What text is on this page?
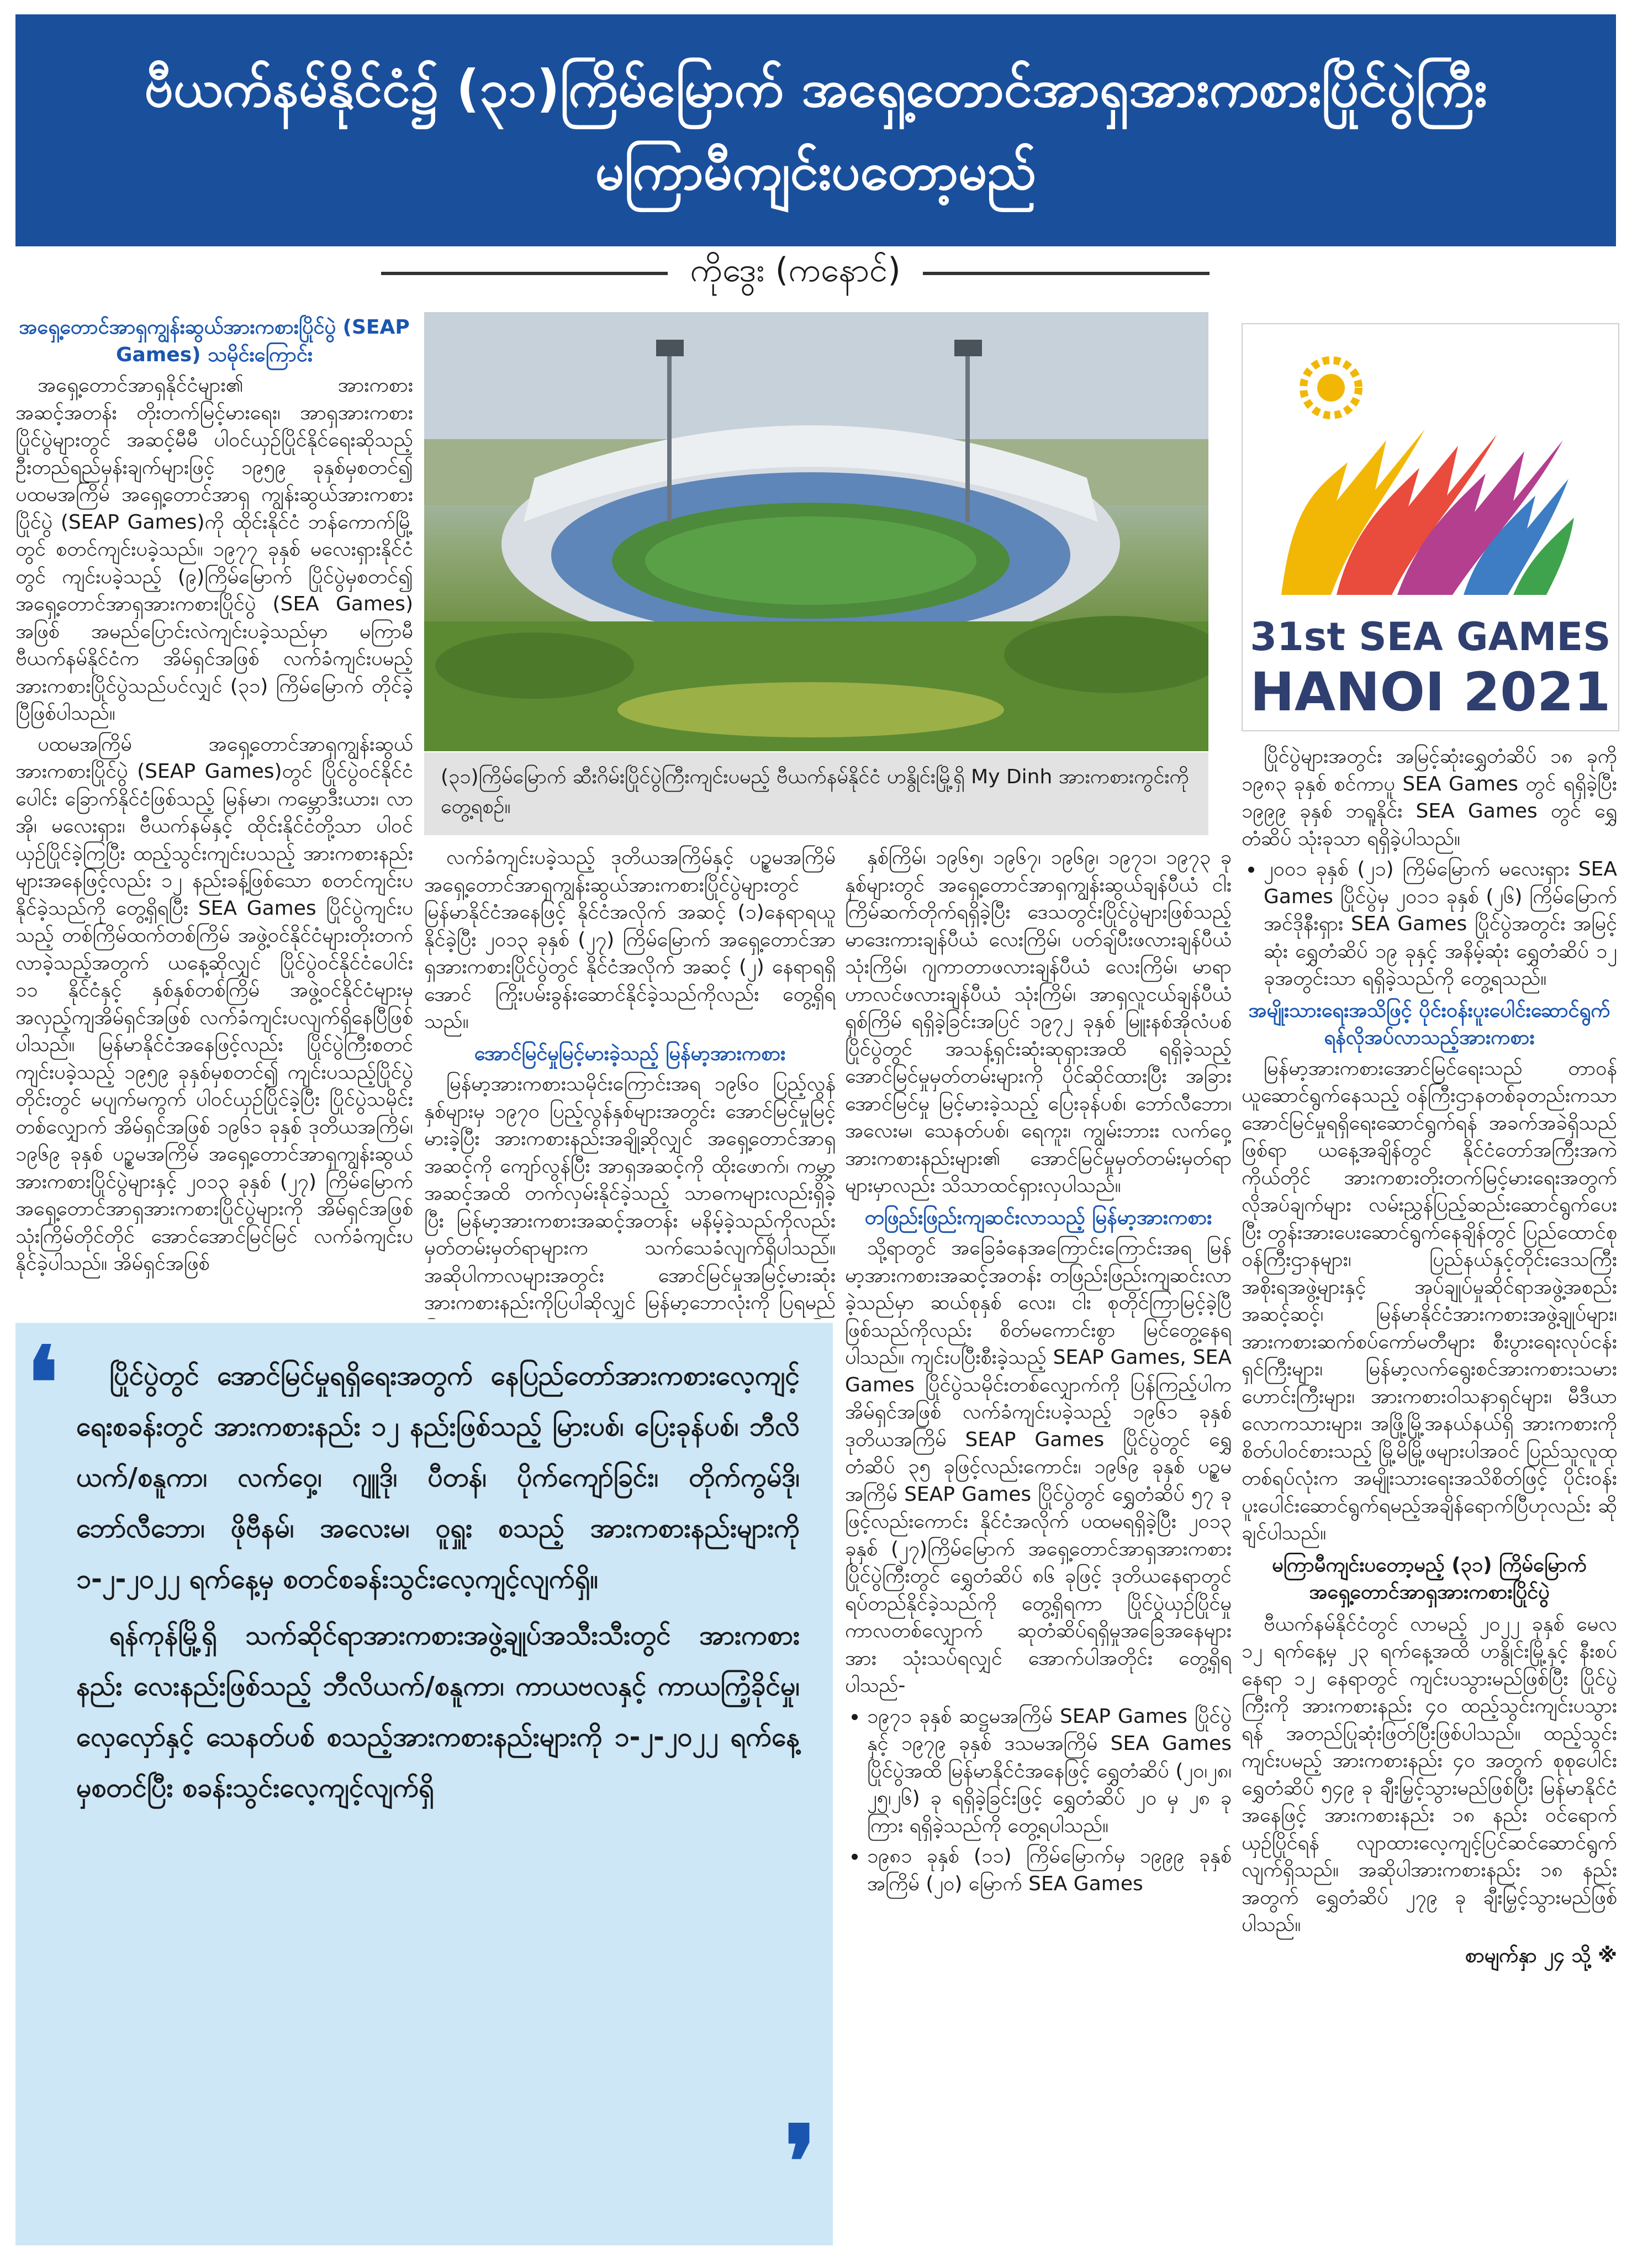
ဗီယက်နမ်နိုင်ငံ၌ (၃၁)ကြိမ်မြောက် အရှေ့တောင်အာရှအားကစားပြိုင်ပွဲကြီး
မကြာမီကျင်းပတော့မည်
ကိုဒွေး (ကနောင်)

အရှေ့တောင်အာရှကျွန်းဆွယ်အားကစားပြိုင်ပွဲ (SEAP Games) သမိုင်းကြောင်း

အရှေ့တောင်အာရှနိုင်ငံများ၏ အားကစားအဆင့်အတန်း တိုးတက်မြင့်မားရေး၊ အာရှအားကစားပြိုင်ပွဲများတွင် အဆင့်မီမီ ပါဝင်ယှဉ်ပြိုင်နိုင်ရေးဆိုသည့် ဦးတည်ရည်မှန်းချက်များဖြင့် ၁၉၅၉ ခုနှစ်မှစတင်၍ ပထမအကြိမ် အရှေ့တောင်အာရှ ကျွန်းဆွယ်အားကစားပြိုင်ပွဲ (SEAP Games)ကို ထိုင်းနိုင်ငံ ဘန်ကောက်မြို့တွင် စတင်ကျင်းပခဲ့သည်။ ၁၉၇၇ ခုနှစ် မလေးရှားနိုင်ငံတွင် ကျင်းပခဲ့သည့် (၉)ကြိမ်မြောက် ပြိုင်ပွဲမှစတင်၍ အရှေ့တောင်အာရှအားကစားပြိုင်ပွဲ (SEA Games) အဖြစ် အမည်ပြောင်းလဲကျင်းပခဲ့သည်မှာ မကြာမီ ဗီယက်နမ်နိုင်ငံက အိမ်ရှင်အဖြစ် လက်ခံကျင်းပမည့် အားကစားပြိုင်ပွဲသည်ပင်လျှင် (၃၁) ကြိမ်မြောက် တိုင်ခဲ့ပြီဖြစ်ပါသည်။

ပထမအကြိမ် အရှေ့တောင်အာရှကျွန်းဆွယ်အားကစားပြိုင်ပွဲ (SEAP Games)တွင် ပြိုင်ပွဲဝင်နိုင်ငံပေါင်း ခြောက်နိုင်ငံဖြစ်သည့် မြန်မာ၊ ကမ္ဘောဒီးယား၊ လာအို၊ မလေးရှား၊ ဗီယက်နမ်နှင့် ထိုင်းနိုင်ငံတို့သာ ပါဝင်ယှဉ်ပြိုင်ခဲ့ကြပြီး ထည့်သွင်းကျင်းပသည့် အားကစားနည်းများအနေဖြင့်လည်း ၁၂ နည်းခန့်ဖြစ်သော စတင်ကျင်းပနိုင်ခဲ့သည်ကို တွေ့ရှိရပြီး SEA Games ပြိုင်ပွဲကျင်းပသည့် တစ်ကြိမ်ထက်တစ်ကြိမ် အဖွဲ့ဝင်နိုင်ငံများတိုးတက်လာခဲ့သည့်အတွက် ယနေ့ဆိုလျှင် ပြိုင်ပွဲဝင်နိုင်ငံပေါင်း ၁၁ နိုင်ငံနှင့် နှစ်နှစ်တစ်ကြိမ် အဖွဲ့ဝင်နိုင်ငံများမှ အလှည့်ကျအိမ်ရှင်အဖြစ် လက်ခံကျင်းပလျက်ရှိနေပြီဖြစ်ပါသည်။ မြန်မာနိုင်ငံအနေဖြင့်လည်း ပြိုင်ပွဲကြီးစတင်ကျင်းပခဲ့သည့် ၁၉၅၉ ခုနှစ်မှစတင်၍ ကျင်းပသည့်ပြိုင်ပွဲတိုင်းတွင် မပျက်မကွက် ပါဝင်ယှဉ်ပြိုင်ခဲ့ပြီး ပြိုင်ပွဲသမိုင်းတစ်လျှောက် အိမ်ရှင်အဖြစ် ၁၉၆၁ ခုနှစ် ဒုတိယအကြိမ်၊ ၁၉၆၉ ခုနှစ် ပဉ္စမအကြိမ် အရှေ့တောင်အာရှကျွန်းဆွယ်အားကစားပြိုင်ပွဲများနှင့် ၂၀၁၃ ခုနှစ် (၂၇) ကြိမ်မြောက် အရှေ့တောင်အာရှအားကစားပြိုင်ပွဲများကို အိမ်ရှင်အဖြစ် သုံးကြိမ်တိုင်တိုင် အောင်အောင်မြင်မြင် လက်ခံကျင်းပနိုင်ခဲ့ပါသည်။ အိမ်ရှင်အဖြစ်

(၃၁)ကြိမ်မြောက် ဆီးဂိမ်းပြိုင်ပွဲကြီးကျင်းပမည့် ဗီယက်နမ်နိုင်ငံ ဟနွိုင်းမြို့ရှိ My Dinh အားကစားကွင်းကို တွေ့ရစဉ်။
31st SEA GAMES
HANOI 2021

လက်ခံကျင်းပခဲ့သည့် ဒုတိယအကြိမ်နှင့် ပဉ္စမအကြိမ် အရှေ့တောင်အာရှကျွန်းဆွယ်အားကစားပြိုင်ပွဲများတွင် မြန်မာနိုင်ငံအနေဖြင့် နိုင်ငံအလိုက် အဆင့် (၁)နေရာရယူနိုင်ခဲ့ပြီး ၂၀၁၃ ခုနှစ် (၂၇) ကြိမ်မြောက် အရှေ့တောင်အာရှအားကစားပြိုင်ပွဲတွင် နိုင်ငံအလိုက် အဆင့် (၂) နေရာရရှိအောင် ကြိုးပမ်းခွန်းဆောင်နိုင်ခဲ့သည်ကိုလည်း တွေ့ရှိရသည်။

အောင်မြင်မှုမြင့်မားခဲ့သည့် မြန်မာ့အားကစား

မြန်မာ့အားကစားသမိုင်းကြောင်းအရ ၁၉၆၀ ပြည့်လွန်နှစ်များမှ ၁၉၇၀ ပြည့်လွန်နှစ်များအတွင်း အောင်မြင်မှုမြင့်မားခဲ့ပြီး အားကစားနည်းအချို့ဆိုလျှင် အရှေ့တောင်အာရှအဆင့်ကို ကျော်လွန်ပြီး အာရှအဆင့်ကို ထိုးဖောက်၊ ကမ္ဘာ့အဆင့်အထိ တက်လှမ်းနိုင်ခဲ့သည့် သာဓကများလည်းရှိခဲ့ပြီး မြန်မာ့အားကစားအဆင့်အတန်း မနိမ့်ခဲ့သည်ကိုလည်း မှတ်တမ်းမှတ်ရာများက သက်သေခံလျက်ရှိပါသည်။ အဆိုပါကာလများအတွင်း အောင်မြင်မှုအမြင့်မားဆုံး အားကစားနည်းကိုပြပါဆိုလျှင် မြန်မာ့ဘောလုံးကို ပြရမည်

နှစ်ကြိမ်၊ ၁၉၆၅၊ ၁၉၆၇၊ ၁၉၆၉၊ ၁၉၇၁၊ ၁၉၇၃ ခုနှစ်များတွင် အရှေ့တောင်အာရှကျွန်းဆွယ်ချန်ပီယံ ငါးကြိမ်ဆက်တိုက်ရရှိခဲ့ပြီး ဒေသတွင်းပြိုင်ပွဲများဖြစ်သည့် မာဒေးကားချန်ပီယံ လေးကြိမ်၊ ပတ်ချ်ပီးဖလားချန်ပီယံ သုံးကြိမ်၊ ဂျကာတာဖလားချန်ပီယံ လေးကြိမ်၊ မာရာဟာလင်ဖလားချန်ပီယံ သုံးကြိမ်၊ အာရှလူငယ်ချန်ပီယံ ရှစ်ကြိမ် ရရှိခဲ့ခြင်းအပြင် ၁၉၇၂ ခုနှစ် မြူးနစ်အိုလံပစ်ပြိုင်ပွဲတွင် အသန့်ရှင်းဆုံးဆုရှားအထိ ရရှိခဲ့သည့် အောင်မြင်မှုမှတ်တမ်းများကို ပိုင်ဆိုင်ထားပြီး အခြားအောင်မြင်မှု မြင့်မားခဲ့သည့် ပြေးခုန်ပစ်၊ ဘော်လီဘော၊ အလေးမ၊ သေနတ်ပစ်၊ ရေကူး၊ ကျွမ်းဘားး လက်ဝှေ့အားကစားနည်းများ၏ အောင်မြင်မှုမှတ်တမ်းမှတ်ရာများမှာလည်း သိသာထင်ရှားလှပါသည်။

တဖြည်းဖြည်းကျဆင်းလာသည့် မြန်မာ့အားကစား

သို့ရာတွင် အခြေခံနေအကြောင်းကြောင်းအရ မြန်မာ့အားကစားအဆင့်အတန်း တဖြည်းဖြည်းကျဆင်းလာခဲ့သည်မှာ ဆယ်စုနှစ် လေး၊ ငါး စုတိုင်ကြာမြင့်ခဲ့ပြီဖြစ်သည်ကိုလည်း စိတ်မကောင်းစွာ မြင်တွေ့နေရပါသည်။ ကျင်းပပြီးစီးခဲ့သည့် SEAP Games, SEA Games ပြိုင်ပွဲသမိုင်းတစ်လျှောက်ကို ပြန်ကြည့်ပါက အိမ်ရှင်အဖြစ် လက်ခံကျင်းပခဲ့သည့် ၁၉၆၁ ခုနှစ် ဒုတိယအကြိမ် SEAP Games ပြိုင်ပွဲတွင် ရွှေတံဆိပ် ၃၅ ခုဖြင့်လည်းကောင်း၊ ၁၉၆၉ ခုနှစ် ပဉ္စမအကြိမ် SEAP Games ပြိုင်ပွဲတွင် ရွှေတံဆိပ် ၅၇ ခုဖြင့်လည်းကောင်း နိုင်ငံအလိုက် ပထမရရှိခဲ့ပြီး ၂၀၁၃ ခုနှစ် (၂၇)ကြိမ်မြောက် အရှေ့တောင်အာရှအားကစားပြိုင်ပွဲကြီးတွင် ရွှေတံဆိပ် ၈၆ ခုဖြင့် ဒုတိယနေရာတွင် ရပ်တည်နိုင်ခဲ့သည်ကို တွေ့ရှိရကာ ပြိုင်ပွဲယှဉ်ပြိုင်မှုကာလတစ်လျှောက် ဆုတံဆိပ်ရရှိမှုအခြေအနေများအား သုံးသပ်ရလျှင် အောက်ပါအတိုင်း တွေ့ရှိရပါသည်-

• ၁၉၇၁ ခုနှစ် ဆဋ္ဌမအကြိမ် SEAP Games ပြိုင်ပွဲနှင့် ၁၉၇၉ ခုနှစ် ဒသမအကြိမ် SEA Games ပြိုင်ပွဲအထိ မြန်မာနိုင်ငံအနေဖြင့် ရွှေတံဆိပ် (၂၀၊၂၈၊၂၅၊၂၆) ခု ရရှိခဲ့ခြင်းဖြင့် ရွှေတံဆိပ် ၂၀ မှ ၂၈ ခုကြား ရရှိခဲ့သည်ကို တွေ့ရပါသည်။
• ၁၉၈၁ ခုနှစ် (၁၁) ကြိမ်မြောက်မှ ၁၉၉၉ ခုနှစ် အကြိမ် (၂၀) မြောက် SEA Games

ပြိုင်ပွဲများအတွင်း အမြင့်ဆုံးရွှေတံဆိပ် ၁၈ ခုကို ၁၉၈၃ ခုနှစ် စင်ကာပူ SEA Games တွင် ရရှိခဲ့ပြီး ၁၉၉၉ ခုနှစ် ဘရူနိုင်း SEA Games တွင် ရွှေတံဆိပ် သုံးခုသာ ရရှိခဲ့ပါသည်။

• ၂၀၀၁ ခုနှစ် (၂၁) ကြိမ်မြောက် မလေးရှား SEA Games ပြိုင်ပွဲမှ ၂၀၁၁ ခုနှစ် (၂၆) ကြိမ်မြောက် အင်ဒိုနီးရှား SEA Games ပြိုင်ပွဲအတွင်း အမြင့်ဆုံး ရွှေတံဆိပ် ၁၉ ခုနှင့် အနိမ့်ဆုံး ရွှေတံဆိပ် ၁၂ ခုအတွင်းသာ ရရှိခဲ့သည်ကို တွေ့ရသည်။

အမျိုးသားရေးအသိဖြင့် ပိုင်းဝန်းပူးပေါင်းဆောင်ရွက်ရန်လိုအပ်လာသည့်အားကစား

မြန်မာ့အားကစားအောင်မြင်ရေးသည် တာဝန်ယူဆောင်ရွက်နေသည့် ဝန်ကြီးဌာနတစ်ခုတည်းကသာ အောင်မြင်မှုရရှိရေးဆောင်ရွက်ရန် အခက်အခဲရှိသည်ဖြစ်ရာ ယနေ့အချိန်တွင် နိုင်ငံတော်အကြီးအကဲကိုယ်တိုင် အားကစားတိုးတက်မြင့်မားရေးအတွက် လိုအပ်ချက်များ လမ်းညွှန်ပြည့်ဆည်းဆောင်ရွက်ပေးပြီး တွန်းအားပေးဆောင်ရွက်နေချိန်တွင် ပြည်ထောင်စုဝန်ကြီးဌာနများ၊ ပြည်နယ်နှင့်တိုင်းဒေသကြီးအစိုးရအဖွဲ့များနှင့် အုပ်ချုပ်မှုဆိုင်ရာအဖွဲ့အစည်းအဆင့်ဆင့်၊ မြန်မာနိုင်ငံအားကစားအဖွဲ့ချုပ်များ၊ အားကစားဆက်စပ်ကော်မတီများ စီးပွားရေးလုပ်ငန်းရှင်ကြီးများ၊ မြန်မာ့လက်ရွေးစင်အားကစားသမားဟောင်းကြီးများ၊ အားကစားဝါသနာရှင်များ၊ မီဒီယာလောကသားများ၊ အဖြို့မြို့အနယ်နယ်ရှိ အားကစားကို စိတ်ပါဝင်စားသည့် မြို့မိမြို့ဖများပါအဝင် ပြည်သူလူထုတစ်ရပ်လုံးက အမျိုးသားရေးအသိစိတ်ဖြင့် ပိုင်းဝန်းပူးပေါင်းဆောင်ရွက်ရမည့်အချိန်ရောက်ပြီဟုလည်း ဆိုချင်ပါသည်။

မကြာမီကျင်းပတော့မည့် (၃၁) ကြိမ်မြောက် အရှေ့တောင်အာရှအားကစားပြိုင်ပွဲ

ဗီယက်နမ်နိုင်ငံတွင် လာမည့် ၂၀၂၂ ခုနှစ် မေလ ၁၂ ရက်နေ့မှ ၂၃ ရက်နေ့အထိ ဟနွိုင်းမြို့နှင့် နီးစပ်နေရာ ၁၂ နေရာတွင် ကျင်းပသွားမည်ဖြစ်ပြီး ပြိုင်ပွဲကြီးကို အားကစားနည်း ၄၀ ထည့်သွင်းကျင်းပသွားရန် အတည်ပြုဆုံးဖြတ်ပြီးဖြစ်ပါသည်။ ထည့်သွင်းကျင်းပမည့် အားကစားနည်း ၄၀ အတွက် စုစုပေါင်း ရွှေတံဆိပ် ၅၄၉ ခု ချီးမြှင့်သွားမည်ဖြစ်ပြီး မြန်မာနိုင်ငံအနေဖြင့် အားကစားနည်း ၁၈ နည်း ဝင်ရောက်ယှဉ်ပြိုင်ရန် လျာထားလေ့ကျင့်ပြင်ဆင်ဆောင်ရွက်လျက်ရှိသည်။ အဆိုပါအားကစားနည်း ၁၈ နည်းအတွက် ရွှေတံဆိပ် ၂၇၉ ခု ချီးမြှင့်သွားမည်ဖြစ်ပါသည်။

စာမျက်နှာ ၂၄ သို့ ※

❛	ပြိုင်ပွဲတွင် အောင်မြင်မှုရရှိရေးအတွက် နေပြည်တော်အားကစားလေ့ကျင့်ရေးစခန်းတွင် အားကစားနည်း ၁၂ နည်းဖြစ်သည့် မြားပစ်၊ ပြေးခုန်ပစ်၊ ဘီလိယက်/စနူကာ၊ လက်ဝှေ့၊ ဂျူဒို၊ ပီတန်၊ ပိုက်ကျော်ခြင်း၊ တိုက်ကွမ်ဒို၊ ဘော်လီဘော၊ ဖိုဗီနမ်၊ အလေးမ၊ ဝူရှူး စသည့် အားကစားနည်းများကို ၁-၂-၂၀၂၂ ရက်နေ့မှ စတင်စခန်းသွင်းလေ့ကျင့်လျက်ရှိ။

ရန်ကုန်မြို့ရှိ သက်ဆိုင်ရာအားကစားအဖွဲ့ချုပ်အသီးသီးတွင် အားကစားနည်း လေးနည်းဖြစ်သည့် ဘီလိယက်/စနူကာ၊ ကာယဗလနှင့် ကာယကြံ့ခိုင်မှု၊ လှေလှော်နှင့် သေနတ်ပစ် စသည့်အားကစားနည်းများကို ၁-၂-၂၀၂၂ ရက်နေ့မှစတင်ပြီး စခန်းသွင်းလေ့ကျင့်လျက်ရှိ

❜
